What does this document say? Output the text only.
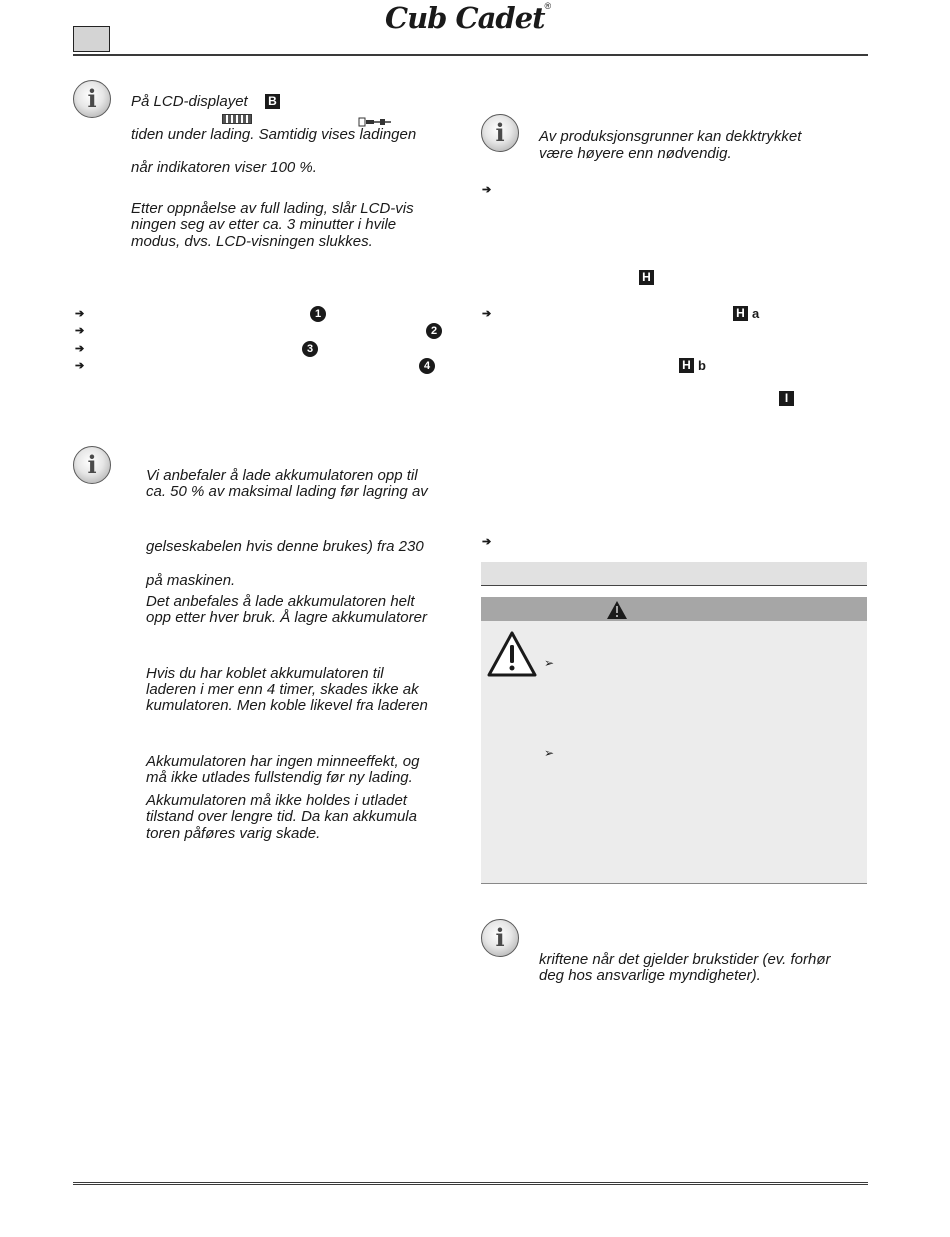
Cub Cadet®
i	På LCD-displayet B
tiden under lading. Samtidig vises ladingen
når indikatoren viser 100 %.
Etter oppnåelse av full lading, slår LCD-vis
ningen seg av etter ca. 3 minutter i hvile
modus, dvs. LCD-visningen slukkes.
➔
➔
➔
➔
1
2
3
4
i	Vi anbefaler å lade akkumulatoren opp til
ca. 50 % av maksimal lading før lagring av
gelseskabelen hvis denne brukes) fra 230
på maskinen.
Det anbefales å lade akkumulatoren helt
opp etter hver bruk. Å lagre akkumulatorer
Hvis du har koblet akkumulatoren til
laderen i mer enn 4 timer, skades ikke ak
kumulatoren. Men koble likevel fra laderen
Akkumulatoren har ingen minneeffekt, og
må ikke utlades fullstendig før ny lading.
Akkumulatoren må ikke holdes i utladet
tilstand over lengre tid. Da kan akkumula
toren påføres varig skade.
i	Av produksjonsgrunner kan dekktrykket
være høyere enn nødvendig.
➔
H
➔	H a
H b
I
➔
➢
➢
i
kriftene når det gjelder brukstider (ev. forhør
deg hos ansvarlige myndigheter).
